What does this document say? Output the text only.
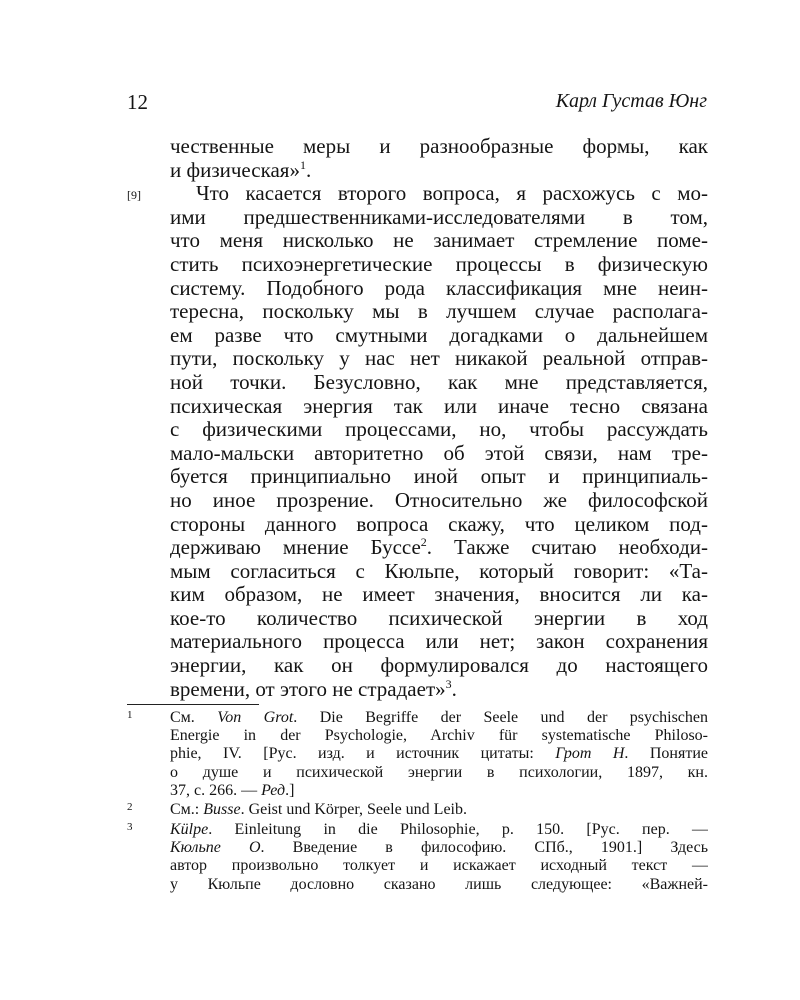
12	Карл Густав Юнг
[9]
чественные меры и разнообразные формы, как
и физическая»$^1$.
Что касается второго вопроса, я расхожусь с мо-
ими предшественниками-исследователями в том,
что меня нисколько не занимает стремление поме-
стить психоэнергетические процессы в физическую
систему. Подобного рода классификация мне неин-
тересна, поскольку мы в лучшем случае располага-
ем разве что смутными догадками о дальнейшем
пути, поскольку у нас нет никакой реальной отправ-
ной точки. Безусловно, как мне представляется,
психическая энергия так или иначе тесно связана
с физическими процессами, но, чтобы рассуждать
мало-мальски авторитетно об этой связи, нам тре-
буется принципиально иной опыт и принципиаль-
но иное прозрение. Относительно же философской
стороны данного вопроса скажу, что целиком под-
держиваю мнение Буссе$^2$. Также считаю необходи-
мым согласиться с Кюльпе, который говорит: «Та-
ким образом, не имеет значения, вносится ли ка-
кое-то количество психической энергии в ход
материального процесса или нет; закон сохранения
энергии, как он формулировался до настоящего
времени, от этого не страдает»$^3$.
1 См. Von Grot. Die Begriffe der Seele und der psychischen
Energie in der Psychologie, Archiv für systematische Philoso-
phie, IV. [Рус. изд. и источник цитаты: Грот Н. Понятие
о душе и психической энергии в психологии, 1897, кн.
37, с. 266. — Ред.]
2 См.: Busse. Geist und Körper, Seele und Leib.
3 Külpe. Einleitung in die Philosophie, p. 150. [Рус. пер. —
Кюльпе О. Введение в философию. СПб., 1901.] Здесь
автор произвольно толкует и искажает исходный текст —
у Кюльпе дословно сказано лишь следующее: «Важней-
